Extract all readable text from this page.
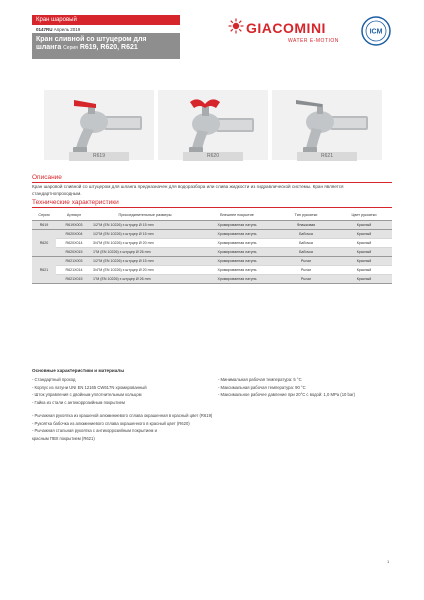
Кран шаровый
0147RU Апрель 2019
Кран сливной со штуцером для
шланга Серия R619, R620, R621
GIACOMINI
WATER E-MOTION
ICM
R619	R620	R621
Описание
Кран шаровой сливной со штуцером для шланга предназначен для водоразбора или слива жидкости из гидравлической системы. Кран является стандартнопроходным.
Технические характеристики
Серия	Артикул	Присоединительные размеры	Внешнее покрытие	Тип рукоятки	Цвет рукоятки
R619	R619X003	1/2"M (EN 10226) x штуцер Ø 15 mm	Хромированная латунь	Флажковая	Красный
R620	R620X004	1/2"M (EN 10226) x штуцер Ø 15 mm	Хромированная латунь	Бабочка	Красный
	R620X014	3/4"M (EN 10226) x штуцер Ø 20 mm	Хромированная латунь	Бабочка	Красный
	R620X015	1"M (EN 10226) x штуцер Ø 26 mm	Хромированная латунь	Бабочка	Красный
R621	R621X003	1/2"M (EN 10226) x штуцер Ø 15 mm	Хромированная латунь	Рычаг	Красный
	R621X014	3/4"M (EN 10226) x штуцер Ø 20 mm	Хромированная латунь	Рычаг	Красный
	R621X015	1"M (EN 10226) x штуцер Ø 26 mm	Хромированная латунь	Рычаг	Красный
Основные характеристики и материалы
- Стандартный проход
- Корпус из латуни UNI EN 12165 CW617N хромированный
- Шток управления с двойным уплотнительным кольцом
- Гайка из стали с антикоррозийным покрытием
- Минимальная рабочая температура: 5 °C
- Максимальная рабочая температура: 90 °C
- Максимальное рабочее давление при 20°С с водой: 1,0 MPa (10 bar)
- Рычажная рукоятка из крашеной алюминиевого сплава окрашенная в красный цвет (R619)
- Рукоятка бабочка из алюминиевого сплава окрашенного в красный цвет (R620)
- Рычажная стальная рукоятка с антикоррозийным покрытием и
красным ПВХ покрытием (R621)
1
